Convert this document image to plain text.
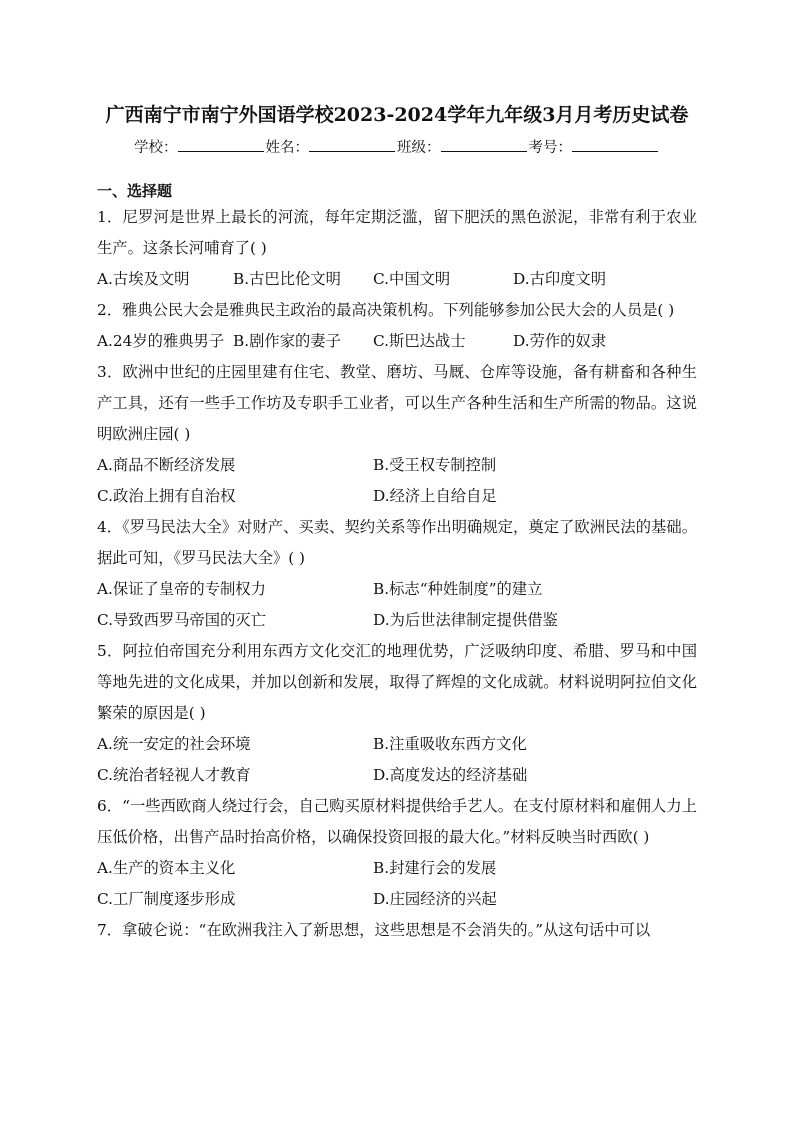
广西南宁市南宁外国语学校2023-2024学年九年级3月月考历史试卷
学校：	姓名：	班级：	考号：
一、选择题

1．尼罗河是世界上最长的河流，每年定期泛滥，留下肥沃的黑色淤泥，非常有利于农业生产。这条长河哺育了( )

A.古埃及文明	B.古巴比伦文明	C.中国文明	D.古印度文明

2．雅典公民大会是雅典民主政治的最高决策机构。下列能够参加公民大会的人员是( )

A.24岁的雅典男子 B.剧作家的妻子	C.斯巴达战士	D.劳作的奴隶

3．欧洲中世纪的庄园里建有住宅、教堂、磨坊、马厩、仓库等设施，备有耕畜和各种生产工具，还有一些手工作坊及专职手工业者，可以生产各种生活和生产所需的物品。这说明欧洲庄园( )

A.商品不断经济发展	B.受王权专制控制
C.政治上拥有自治权	D.经济上自给自足

4．《罗马民法大全》对财产、买卖、契约关系等作出明确规定，奠定了欧洲民法的基础。据此可知，《罗马民法大全》( )

A.保证了皇帝的专制权力	B.标志“种姓制度”的建立
C.导致西罗马帝国的灭亡	D.为后世法律制定提供借鉴

5．阿拉伯帝国充分利用东西方文化交汇的地理优势，广泛吸纳印度、希腊、罗马和中国等地先进的文化成果，并加以创新和发展，取得了辉煌的文化成就。材料说明阿拉伯文化繁荣的原因是( )

A.统一安定的社会环境	B.注重吸收东西方文化
C.统治者轻视人才教育	D.高度发达的经济基础

6．“一些西欧商人绕过行会，自己购买原材料提供给手艺人。在支付原材料和雇佣人力上压低价格，出售产品时抬高价格，以确保投资回报的最大化。”材料反映当时西欧( )

A.生产的资本主义化	B.封建行会的发展
C.工厂制度逐步形成	D.庄园经济的兴起

7．拿破仑说：“在欧洲我注入了新思想，这些思想是不会消失的。”从这句话中可以
